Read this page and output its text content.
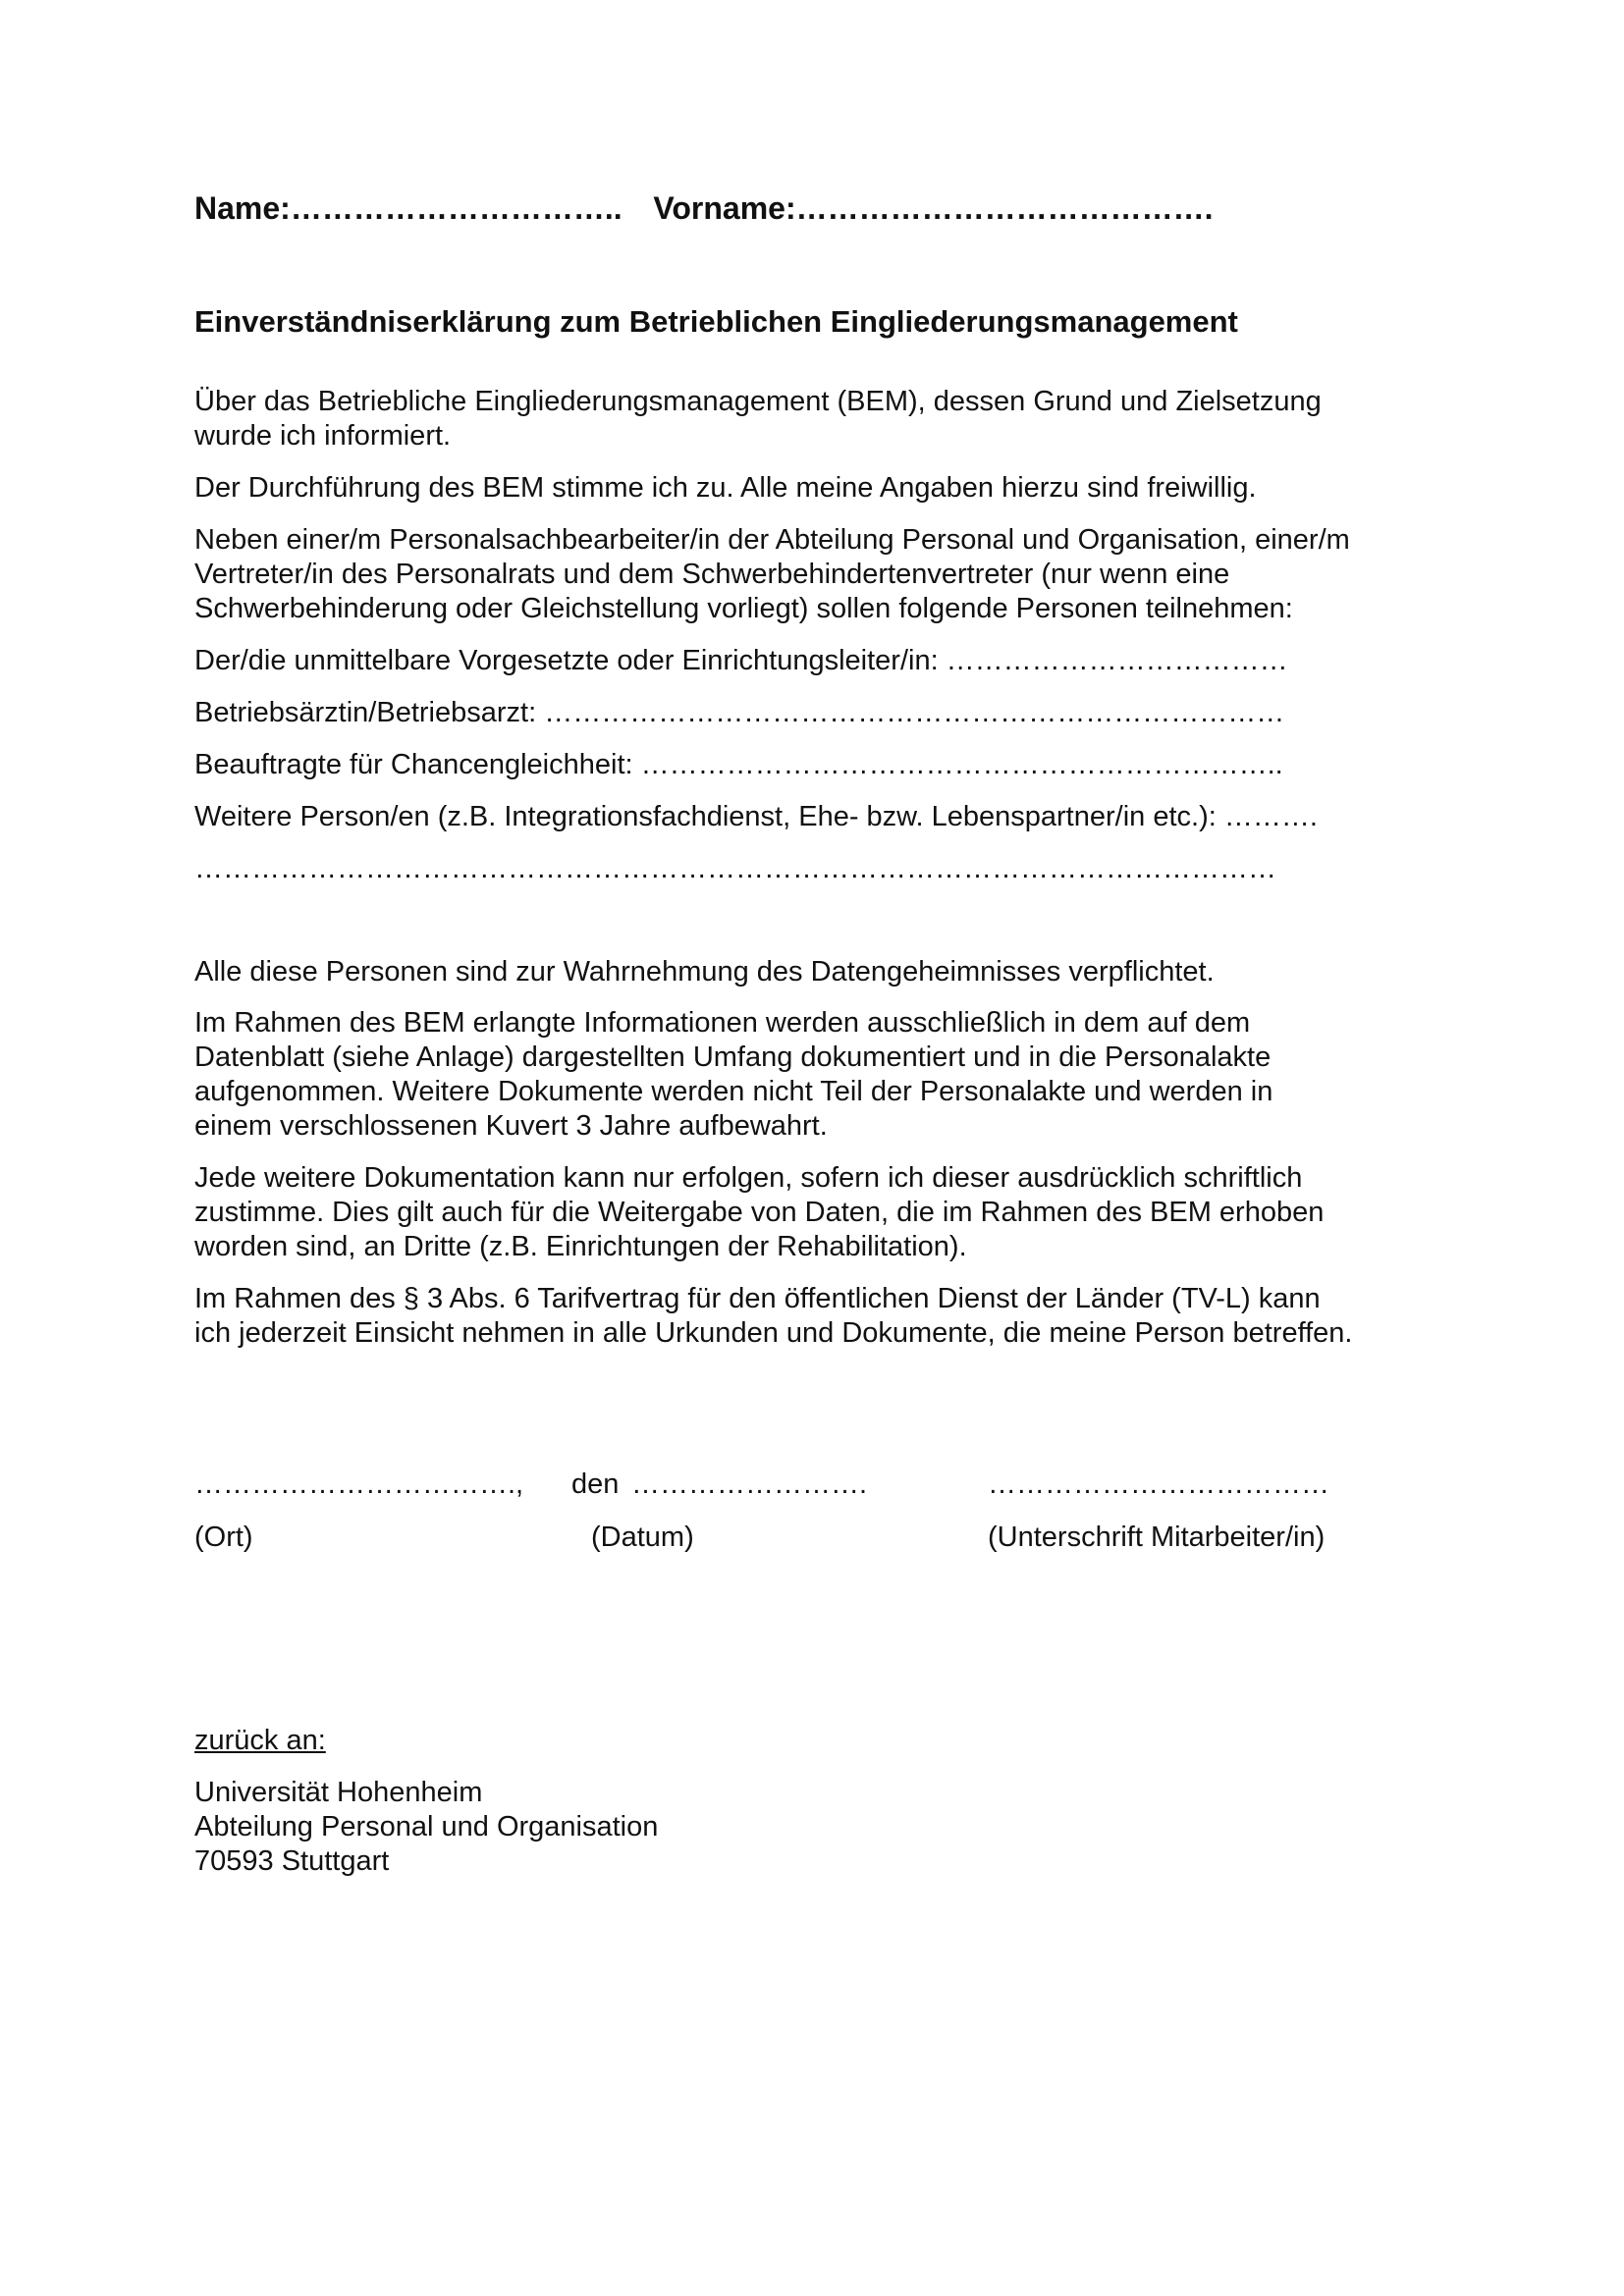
Name:………………………….. Vorname:………………………………….
Einverständniserklärung zum Betrieblichen Eingliederungsmanagement
Über das Betriebliche Eingliederungsmanagement (BEM), dessen Grund und Zielsetzung
wurde ich informiert.
Der Durchführung des BEM stimme ich zu. Alle meine Angaben hierzu sind freiwillig.
Neben einer/m Personalsachbearbeiter/in der Abteilung Personal und Organisation, einer/m
Vertreter/in des Personalrats und dem Schwerbehindertenvertreter (nur wenn eine
Schwerbehinderung oder Gleichstellung vorliegt) sollen folgende Personen teilnehmen:
Der/die unmittelbare Vorgesetzte oder Einrichtungsleiter/in: ………………………………
Betriebsärztin/Betriebsarzt: ……………………………………………………………………
Beauftragte für Chancengleichheit: …………………………………………………………..
Weitere Person/en (z.B. Integrationsfachdienst, Ehe- bzw. Lebenspartner/in etc.): ……….
……………………………………………………………………………………………………
Alle diese Personen sind zur Wahrnehmung des Datengeheimnisses verpflichtet.
Im Rahmen des BEM erlangte Informationen werden ausschließlich in dem auf dem
Datenblatt (siehe Anlage) dargestellten Umfang dokumentiert und in die Personalakte
aufgenommen. Weitere Dokumente werden nicht Teil der Personalakte und werden in
einem verschlossenen Kuvert 3 Jahre aufbewahrt.
Jede weitere Dokumentation kann nur erfolgen, sofern ich dieser ausdrücklich schriftlich
zustimme. Dies gilt auch für die Weitergabe von Daten, die im Rahmen des BEM erhoben
worden sind, an Dritte (z.B. Einrichtungen der Rehabilitation).
Im Rahmen des § 3 Abs. 6 Tarifvertrag für den öffentlichen Dienst der Länder (TV-L) kann
ich jederzeit Einsicht nehmen in alle Urkunden und Dokumente, die meine Person betreffen.
……………………………., den …………………….	………………………………
(Ort)	(Datum)	(Unterschrift Mitarbeiter/in)
zurück an:
Universität Hohenheim
Abteilung Personal und Organisation
70593 Stuttgart
